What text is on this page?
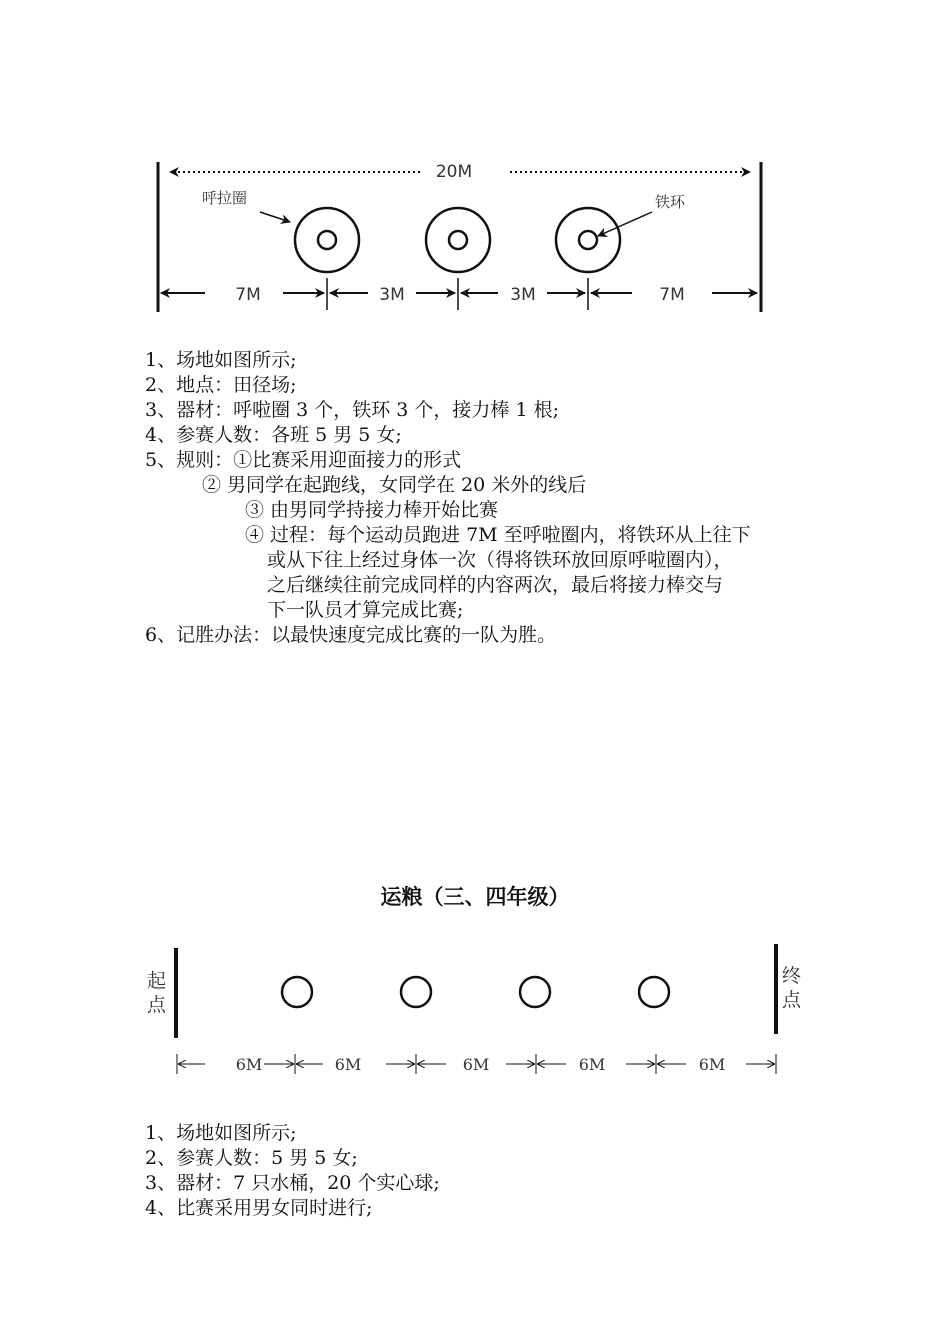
20M
呼拉圈	铁环
7M	3M	3M	7M
1、场地如图所示;
2、地点：田径场;
3、器材：呼啦圈 3 个，铁环 3 个，接力棒 1 根;
4、参赛人数：各班 5 男 5 女;
5、规则：①比赛采用迎面接力的形式
② 男同学在起跑线，女同学在 20 米外的线后
③ 由男同学持接力棒开始比赛
④ 过程：每个运动员跑进 7M 至呼啦圈内，将铁环从上往下
或从下往上经过身体一次（得将铁环放回原呼啦圈内），
之后继续往前完成同样的内容两次，最后将接力棒交与
下一队员才算完成比赛;
6、记胜办法：以最快速度完成比赛的一队为胜。
运粮（三、四年级）
起
点
终
点
6M	6M	6M	6M	6M
1、场地如图所示;
2、参赛人数：5 男 5 女;
3、器材：7 只水桶，20 个实心球;
4、比赛采用男女同时进行;
